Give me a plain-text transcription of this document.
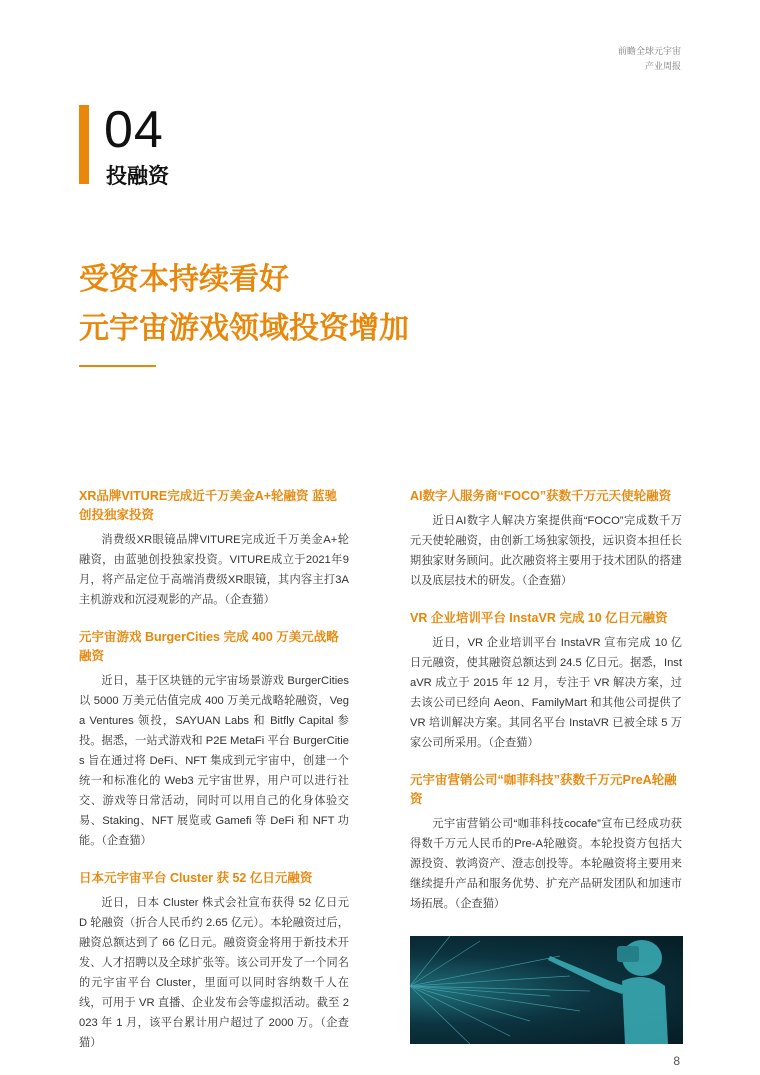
前瞻全球元宇宙
产业周报
04
投融资
受资本持续看好
元宇宙游戏领域投资增加
XR品牌VITURE完成近千万美金A+轮融资 蓝驰创投独家投资

消费级XR眼镜品牌VITURE完成近千万美金A+轮融资，由蓝驰创投独家投资。VITURE成立于2021年9月，将产品定位于高端消费级XR眼镜，其内容主打3A主机游戏和沉浸观影的产品。（企查猫）

元宇宙游戏 BurgerCities 完成 400 万美元战略融资

近日，基于区块链的元宇宙场景游戏 BurgerCities 以 5000 万美元估值完成 400 万美元战略轮融资，Vega Ventures 领投，SAYUAN Labs 和 Bitfly Capital 参投。据悉，一站式游戏和 P2E MetaFi 平台 BurgerCities 旨在通过将 DeFi、NFT 集成到元宇宙中，创建一个统一和标准化的 Web3 元宇宙世界，用户可以进行社交、游戏等日常活动，同时可以用自己的化身体验交易、Staking、NFT 展览或 Gamefi 等 DeFi 和 NFT 功能。（企查猫）

日本元宇宙平台 Cluster 获 52 亿日元融资

近日，日本 Cluster 株式会社宣布获得 52 亿日元 D 轮融资（折合人民币约 2.65 亿元）。本轮融资过后，融资总额达到了 66 亿日元。融资资金将用于新技术开发、人才招聘以及全球扩张等。该公司开发了一个同名的元宇宙平台 Cluster，里面可以同时容纳数千人在线，可用于 VR 直播、企业发布会等虚拟活动。截至 2023 年 1 月，该平台累计用户超过了 2000 万。（企查猫）

AI数字人服务商“FOCO”获数千万元天使轮融资

近日AI数字人解决方案提供商“FOCO”完成数千万元天使轮融资，由创新工场独家领投，远识资本担任长期独家财务顾问。此次融资将主要用于技术团队的搭建以及底层技术的研发。（企查猫）

VR 企业培训平台 InstaVR 完成 10 亿日元融资

近日，VR 企业培训平台 InstaVR 宣布完成 10 亿日元融资，使其融资总额达到 24.5 亿日元。据悉，InstaVR 成立于 2015 年 12 月，专注于 VR 解决方案，过去该公司已经向 Aeon、FamilyMart 和其他公司提供了 VR 培训解决方案。其同名平台 InstaVR 已被全球 5 万家公司所采用。（企查猫）

元宇宙营销公司“咖菲科技”获数千万元PreA轮融资

元宇宙营销公司“咖菲科技cocafe”宣布已经成功获得数千万元人民币的Pre-A轮融资。本轮投资方包括大源投资、敦鸿资产、澄志创投等。本轮融资将主要用来继续提升产品和服务优势、扩充产品研发团队和加速市场拓展。（企查猫）

8
